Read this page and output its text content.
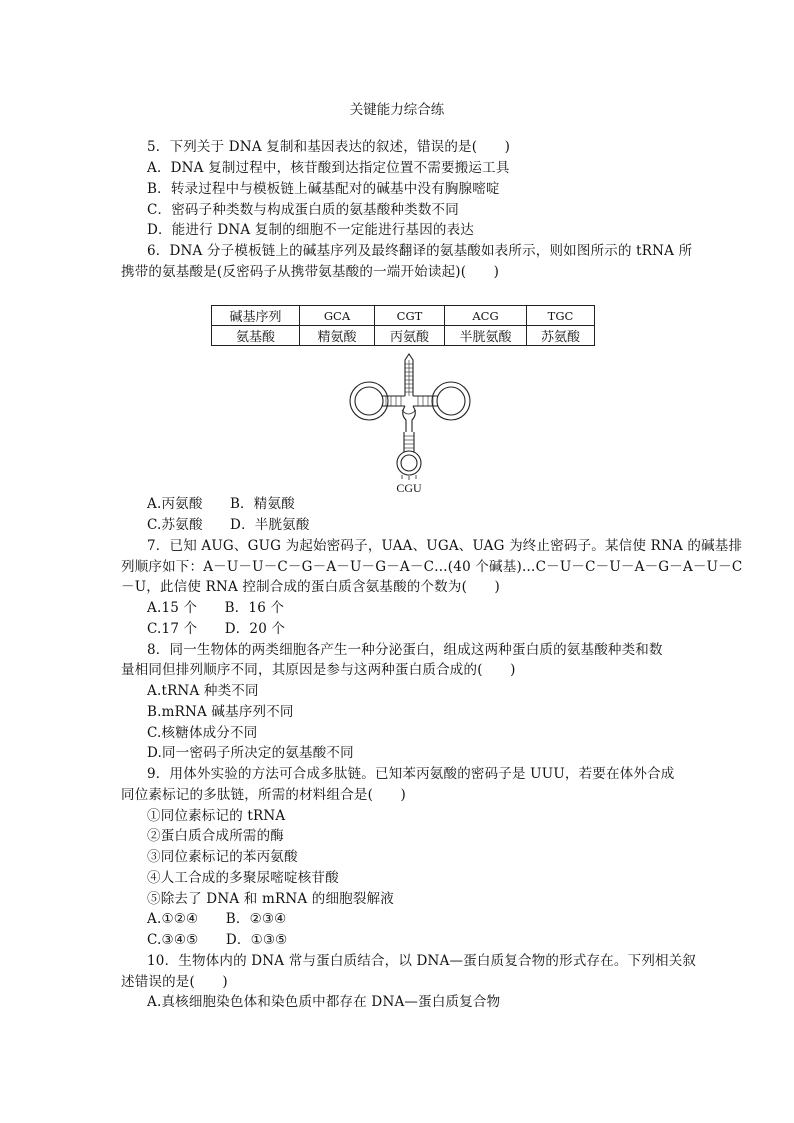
关键能力综合练
5．下列关于 DNA 复制和基因表达的叙述，错误的是(　　)
A．DNA 复制过程中，核苷酸到达指定位置不需要搬运工具
B．转录过程中与模板链上碱基配对的碱基中没有胸腺嘧啶
C．密码子种类数与构成蛋白质的氨基酸种类数不同
D．能进行 DNA 复制的细胞不一定能进行基因的表达
6．DNA 分子模板链上的碱基序列及最终翻译的氨基酸如表所示，则如图所示的 tRNA 所
携带的氨基酸是(反密码子从携带氨基酸的一端开始读起)(　　)
碱基序列	GCA	CGT	ACG	TGC
氨基酸	精氨酸	丙氨酸	半胱氨酸	苏氨酸
CGU
A.丙氨酸　　B．精氨酸
C.苏氨酸　　D．半胱氨酸
7．已知 AUG、GUG 为起始密码子，UAA、UGA、UAG 为终止密码子。某信使 RNA 的碱基排
列顺序如下：A－U－U－C－G－A－U－G－A－C…(40 个碱基)…C－U－C－U－A－G－A－U－C
－U，此信使 RNA 控制合成的蛋白质含氨基酸的个数为(　　)
A.15 个　　B．16 个
C.17 个　　D．20 个
8．同一生物体的两类细胞各产生一种分泌蛋白，组成这两种蛋白质的氨基酸种类和数
量相同但排列顺序不同，其原因是参与这两种蛋白质合成的(　　)
A.tRNA 种类不同
B.mRNA 碱基序列不同
C.核糖体成分不同
D.同一密码子所决定的氨基酸不同
9．用体外实验的方法可合成多肽链。已知苯丙氨酸的密码子是 UUU，若要在体外合成
同位素标记的多肽链，所需的材料组合是(　　)
①同位素标记的 tRNA
②蛋白质合成所需的酶
③同位素标记的苯丙氨酸
④人工合成的多聚尿嘧啶核苷酸
⑤除去了 DNA 和 mRNA 的细胞裂解液
A.①②④　　B．②③④
C.③④⑤　　D．①③⑤
10．生物体内的 DNA 常与蛋白质结合，以 DNA—蛋白质复合物的形式存在。下列相关叙
述错误的是(　　)
A.真核细胞染色体和染色质中都存在 DNA—蛋白质复合物
